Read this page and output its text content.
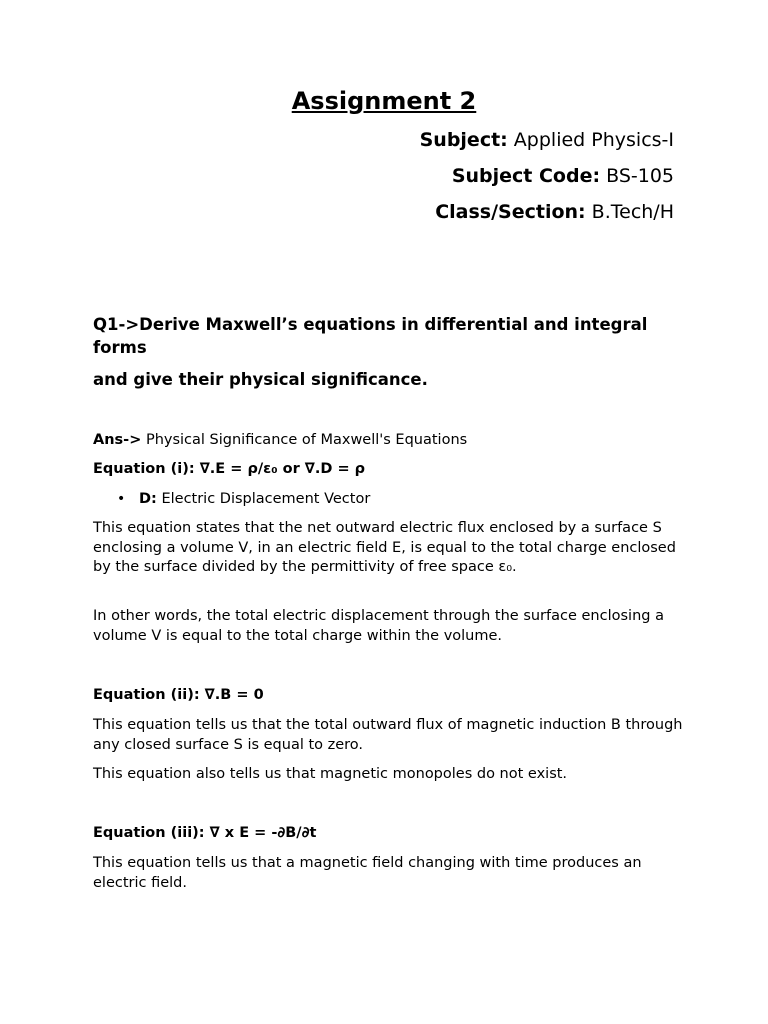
Assignment 2
Subject: Applied Physics-I
Subject Code: BS-105
Class/Section: B.Tech/H
Q1->Derive Maxwell’s equations in differential and integral forms
and give their physical significance.
Ans-> Physical Significance of Maxwell's Equations
Equation (i): ∇.E = ρ/ε₀ or ∇.D = ρ
• D: Electric Displacement Vector
This equation states that the net outward electric flux enclosed by a surface S enclosing a volume V, in an electric field E, is equal to the total charge enclosed by the surface divided by the permittivity of free space ε₀.
In other words, the total electric displacement through the surface enclosing a volume V is equal to the total charge within the volume.
Equation (ii): ∇.B = 0
This equation tells us that the total outward flux of magnetic induction B through any closed surface S is equal to zero.
This equation also tells us that magnetic monopoles do not exist.
Equation (iii): ∇ x E = -∂B/∂t
This equation tells us that a magnetic field changing with time produces an electric field.
